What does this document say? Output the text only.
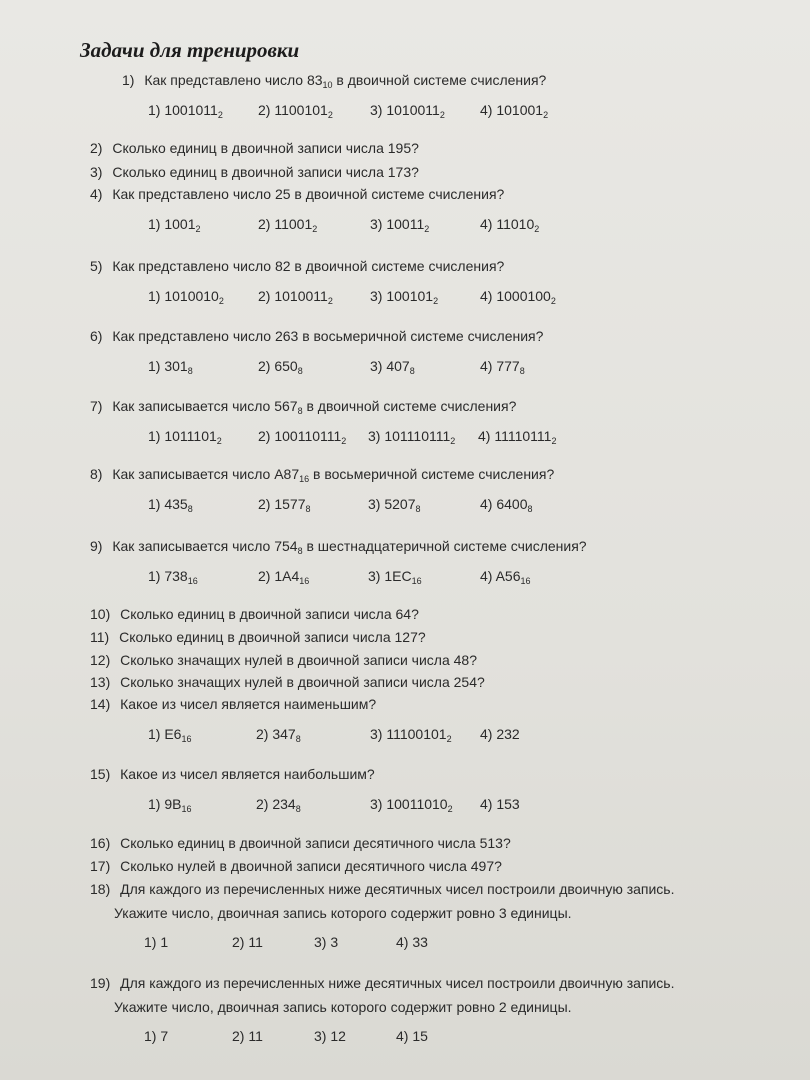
Задачи для тренировки
1) Как представлено число $83_{10}$ в двоичной системе счисления?
2) Сколько единиц в двоичной записи числа 195?
3) Сколько единиц в двоичной записи числа 173?
4) Как представлено число 25 в двоичной системе счисления?
5) Как представлено число 82 в двоичной системе счисления?
6) Как представлено число 263 в восьмеричной системе счисления?
7) Как записывается число $567_8$ в двоичной системе счисления?
8) Как записывается число $A87_{16}$ в восьмеричной системе счисления?
9) Как записывается число $754_8$ в шестнадцатеричной системе счисления?
10) Сколько единиц в двоичной записи числа 64?
11) Сколько единиц в двоичной записи числа 127?
12) Сколько значащих нулей в двоичной записи числа 48?
13) Сколько значащих нулей в двоичной записи числа 254?
14) Какое из чисел является наименьшим?
15) Какое из чисел является наибольшим?
16) Сколько единиц в двоичной записи десятичного числа 513?
17) Сколько нулей в двоичной записи десятичного числа 497?
18) Для каждого из перечисленных ниже десятичных чисел построили двоичную запись.
Укажите число, двоичная запись которого содержит ровно 3 единицы.
19) Для каждого из перечисленных ниже десятичных чисел построили двоичную запись.
Укажите число, двоичная запись которого содержит ровно 2 единицы.
1) $1001011_2$	2) $1100101_2$	3) $1010011_2$	4) $101001_2$
1) $1001_2$	2) $11001_2$	3) $10011_2$	4) $11010_2$
1) $1010010_2$ 2) $1010011_2$	3) $100101_2$	4) $1000100_2$
1) $301_8$	2) $650_8$	3) $407_8$	4) $777_8$
1) $1011101_2$	2) $100110111_2$ 3) $101110111_2$ 4) $11110111_2$
1) $435_8$	2) $1577_8$	3) $5207_8$	4) $6400_8$
1) $738_{16}$	2) $1A4_{16}$	3) $1EC_{16}$	4) $A56_{16}$
1) $E6_{16}$	2) $347_8$	3) $11100101_2$ 4) 232
1) $9B_{16}$	2) $234_8$	3) $10011010_2$ 4) 153
1) 1	2) 11	3) 3	4) 33
1) 7	2) 11	3) 12	4) 15
